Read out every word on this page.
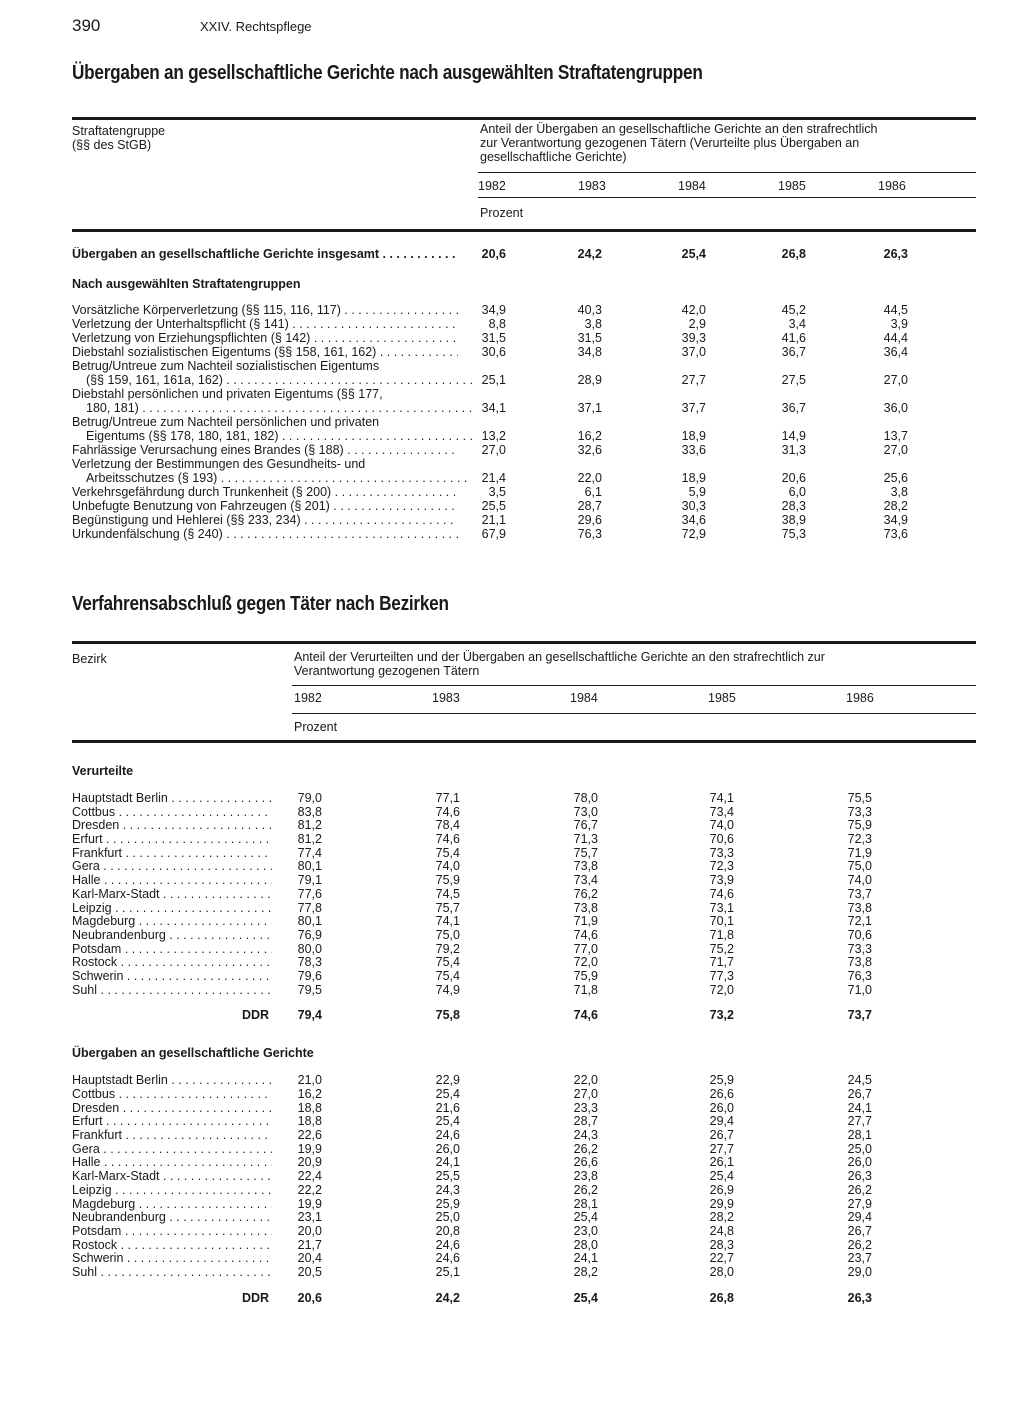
390	XXIV. Rechtspflege
Übergaben an gesellschaftliche Gerichte nach ausgewählten Straftatengruppen
Straftatengruppe
(§§ des StGB)
Anteil der Übergaben an gesellschaftliche Gerichte an den strafrechtlich
zur Verantwortung gezogenen Tätern (Verurteilte plus Übergaben an
gesellschaftliche Gerichte)
1982	1983	1984	1985	1986
Prozent
Übergaben an gesellschaftliche Gerichte insgesamt . . .	20,6	24,2	25,4	26,8	26,3
Nach ausgewählten Straftatengruppen
Vorsätzliche Körperverletzung (§§ 115, 116, 117) . . .	34,9	40,3	42,0	45,2	44,5
Verletzung der Unterhaltspflicht (§ 141) . . .	8,8	3,8	2,9	3,4	3,9
Verletzung von Erziehungspflichten (§ 142) . . .	31,5	31,5	39,3	41,6	44,4
Diebstahl sozialistischen Eigentums (§§ 158, 161, 162) . . .	30,6	34,8	37,0	36,7	36,4
Betrug/Untreue zum Nachteil sozialistischen Eigentums
(§§ 159, 161, 161a, 162) . . .	25,1	28,9	27,7	27,5	27,0
Diebstahl persönlichen und privaten Eigentums (§§ 177,
180, 181) . . .	34,1	37,1	37,7	36,7	36,0
Betrug/Untreue zum Nachteil persönlichen und privaten
Eigentums (§§ 178, 180, 181, 182) . . .	13,2	16,2	18,9	14,9	13,7
Fahrlässige Verursachung eines Brandes (§ 188) . . .	27,0	32,6	33,6	31,3	27,0
Verletzung der Bestimmungen des Gesundheits- und
Arbeitsschutzes (§ 193) . . .	21,4	22,0	18,9	20,6	25,6
Verkehrsgefährdung durch Trunkenheit (§ 200) . . .	3,5	6,1	5,9	6,0	3,8
Unbefugte Benutzung von Fahrzeugen (§ 201) . . .	25,5	28,7	30,3	28,3	28,2
Begünstigung und Hehlerei (§§ 233, 234) . . .	21,1	29,6	34,6	38,9	34,9
Urkundenfälschung (§ 240) . . .	67,9	76,3	72,9	75,3	73,6
Verfahrensabschluß gegen Täter nach Bezirken
Bezirk	Anteil der Verurteilten und der Übergaben an gesellschaftliche Gerichte an den strafrechtlich zur
Verantwortung gezogenen Tätern
1982	1983	1984	1985	1986
Prozent
Verurteilte
Hauptstadt Berlin . . .	79,0	77,1	78,0	74,1	75,5
Cottbus . . .	83,8	74,6	73,0	73,4	73,3
Dresden . . .	81,2	78,4	76,7	74,0	75,9
Erfurt . . .	81,2	74,6	71,3	70,6	72,3
Frankfurt . . .	77,4	75,4	75,7	73,3	71,9
Gera . . .	80,1	74,0	73,8	72,3	75,0
Halle . . .	79,1	75,9	73,4	73,9	74,0
Karl-Marx-Stadt . . .	77,6	74,5	76,2	74,6	73,7
Leipzig . . .	77,8	75,7	73,8	73,1	73,8
Magdeburg . . .	80,1	74,1	71,9	70,1	72,1
Neubrandenburg . . .	76,9	75,0	74,6	71,8	70,6
Potsdam . . .	80,0	79,2	77,0	75,2	73,3
Rostock . . .	78,3	75,4	72,0	71,7	73,8
Schwerin . . .	79,6	75,4	75,9	77,3	76,3
Suhl . . .	79,5	74,9	71,8	72,0	71,0
DDR	79,4	75,8	74,6	73,2	73,7
Übergaben an gesellschaftliche Gerichte
Hauptstadt Berlin . . .	21,0	22,9	22,0	25,9	24,5
Cottbus . . .	16,2	25,4	27,0	26,6	26,7
Dresden . . .	18,8	21,6	23,3	26,0	24,1
Erfurt . . .	18,8	25,4	28,7	29,4	27,7
Frankfurt . . .	22,6	24,6	24,3	26,7	28,1
Gera . . .	19,9	26,0	26,2	27,7	25,0
Halle . . .	20,9	24,1	26,6	26,1	26,0
Karl-Marx-Stadt . . .	22,4	25,5	23,8	25,4	26,3
Leipzig . . .	22,2	24,3	26,2	26,9	26,2
Magdeburg . . .	19,9	25,9	28,1	29,9	27,9
Neubrandenburg . . .	23,1	25,0	25,4	28,2	29,4
Potsdam . . .	20,0	20,8	23,0	24,8	26,7
Rostock . . .	21,7	24,6	28,0	28,3	26,2
Schwerin . . .	20,4	24,6	24,1	22,7	23,7
Suhl . . .	20,5	25,1	28,2	28,0	29,0
DDR	20,6	24,2	25,4	26,8	26,3
